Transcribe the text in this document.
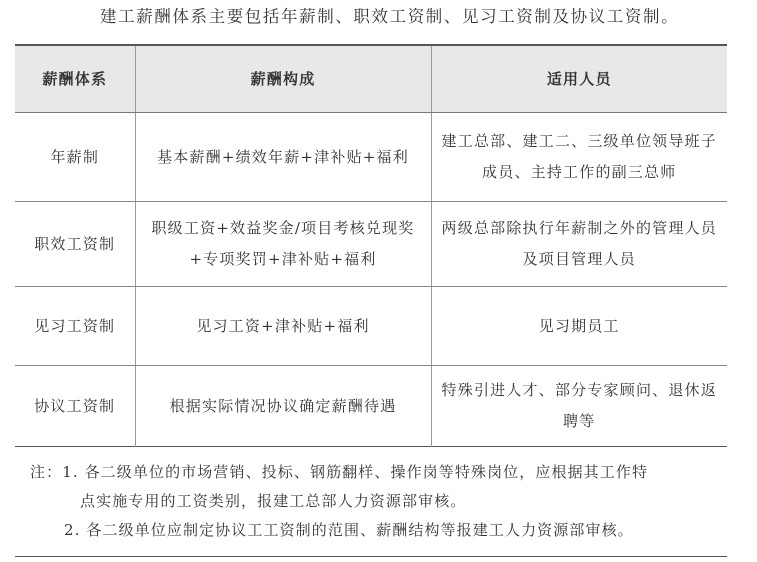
建工薪酬体系主要包括年薪制、职效工资制、见习工资制及协议工资制。
薪酬体系	薪酬构成	适用人员
年薪制	基本薪酬+绩效年薪+津补贴+福利	建工总部、建工二、三级单位领导班子成员、主持工作的副三总师
职效工资制	职级工资+效益奖金/项目考核兑现奖+专项奖罚+津补贴+福利	两级总部除执行年薪制之外的管理人员及项目管理人员
见习工资制	见习工资+津补贴+福利	见习期员工
协议工资制	根据实际情况协议确定薪酬待遇	特殊引进人才、部分专家顾问、退休返聘等
注：1. 各二级单位的市场营销、投标、钢筋翻样、操作岗等特殊岗位，应根据其工作特
点实施专用的工资类别，报建工总部人力资源部审核。
2. 各二级单位应制定协议工工资制的范围、薪酬结构等报建工人力资源部审核。
